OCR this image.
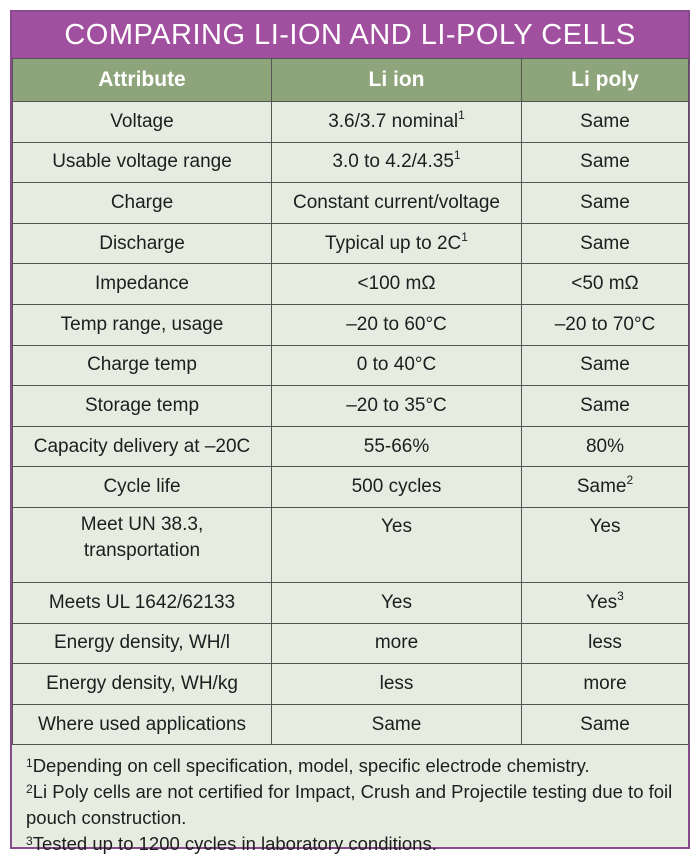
COMPARING LI-ION AND LI-POLY CELLS
Attribute	Li ion	Li poly
Voltage	3.6/3.7 nominal$^1$	Same
Usable voltage range	3.0 to 4.2/4.35$^1$	Same
Charge	Constant current/voltage	Same
Discharge	Typical up to $2C^1$	Same
Impedance	<100 mΩ	<50 mΩ
Temp range, usage	–20 to 60°C	–20 to 70°C
Charge temp	0 to 40°C	Same
Storage temp	–20 to 35°C	Same
Capacity delivery at –20C	55-66%	80%
Cycle life	500 cycles	Same$^2$
Meet UN 38.3,
transportation	Yes	Yes
Meets UL 1642/62133	Yes	Yes$^3$
Energy density, WH/l	more	less
Energy density, WH/kg	less	more
Where used applications	Same	Same
$^1$Depending on cell specification, model, specific electrode chemistry.
$^2$Li Poly cells are not certified for Impact, Crush and Projectile testing due to foil pouch construction.
$^3$Tested up to 1200 cycles in laboratory conditions.
